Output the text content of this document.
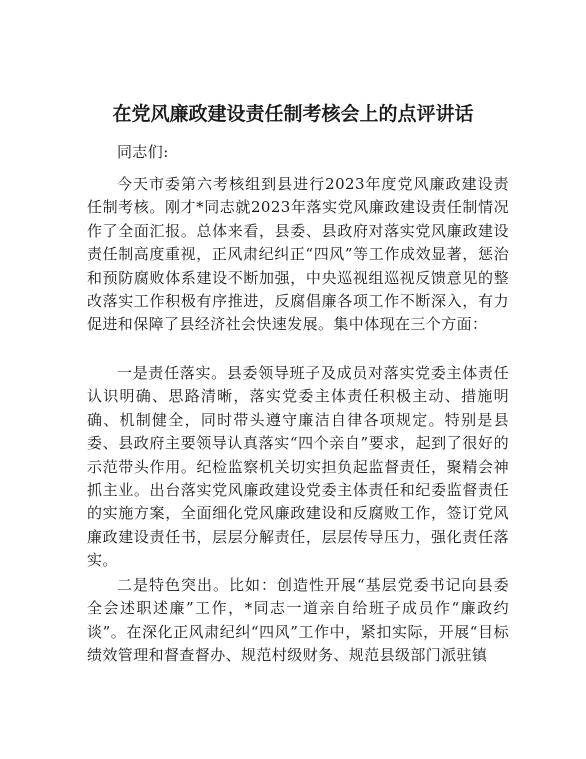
在党风廉政建设责任制考核会上的点评讲话

同志们:

今天市委第六考核组到县进行2023年度党风廉政建设责任制考核。刚才*同志就2023年落实党风廉政建设责任制情况作了全面汇报。总体来看，县委、县政府对落实党风廉政建设责任制高度重视，正风肃纪纠正“四风”等工作成效显著，惩治和预防腐败体系建设不断加强，中央巡视组巡视反馈意见的整改落实工作积极有序推进，反腐倡廉各项工作不断深入，有力促进和保障了县经济社会快速发展。集中体现在三个方面：

一是责任落实。县委领导班子及成员对落实党委主体责任认识明确、思路清晰，落实党委主体责任积极主动、措施明确、机制健全，同时带头遵守廉洁自律各项规定。特别是县委、县政府主要领导认真落实“四个亲自”要求，起到了很好的示范带头作用。纪检监察机关切实担负起监督责任，聚精会神抓主业。出台落实党风廉政建设党委主体责任和纪委监督责任的实施方案，全面细化党风廉政建设和反腐败工作，签订党风廉政建设责任书，层层分解责任，层层传导压力，强化责任落实。

二是特色突出。比如：创造性开展“基层党委书记向县委全会述职述廉”工作，*同志一道亲自给班子成员作“廉政约谈”。在深化正风肃纪纠“四风”工作中，紧扣实际，开展“目标绩效管理和督查督办、规范村级财务、规范县级部门派驻镇
